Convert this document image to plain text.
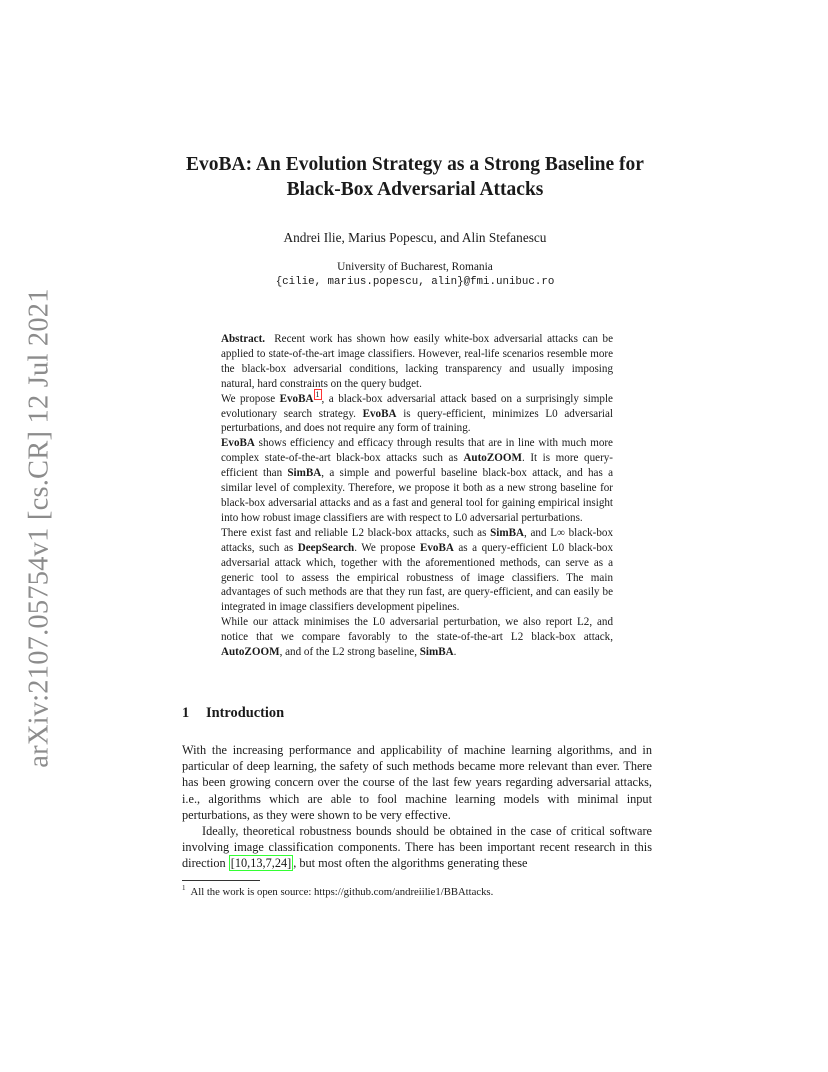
arXiv:2107.05754v1 [cs.CR] 12 Jul 2021
EvoBA: An Evolution Strategy as a Strong Baseline for
Black-Box Adversarial Attacks
Andrei Ilie, Marius Popescu, and Alin Stefanescu
University of Bucharest, Romania
{cilie, marius.popescu, alin}@fmi.unibuc.ro

Abstract. Recent work has shown how easily white-box adversarial attacks can be applied to state-of-the-art image classifiers. However, real-life scenarios resemble more the black-box adversarial conditions, lacking transparency and usually imposing natural, hard constraints on the query budget.

We propose EvoBA $^1$ , a black-box adversarial attack based on a surprisingly simple evolutionary search strategy. EvoBA is query-efficient, minimizes L0 adversarial perturbations, and does not require any form of training.

EvoBA shows efficiency and efficacy through results that are in line with much more complex state-of-the-art black-box attacks such as AutoZOOM. It is more query-efficient than SimBA, a simple and powerful baseline black-box attack, and has a similar level of complexity. Therefore, we propose it both as a new strong baseline for black-box adversarial attacks and as a fast and general tool for gaining empirical insight into how robust image classifiers are with respect to L0 adversarial perturbations.

There exist fast and reliable L2 black-box attacks, such as SimBA, and L∞ black-box attacks, such as DeepSearch. We propose EvoBA as a query-efficient L0 black-box adversarial attack which, together with the aforementioned methods, can serve as a generic tool to assess the empirical robustness of image classifiers. The main advantages of such methods are that they run fast, are query-efficient, and can easily be integrated in image classifiers development pipelines.

While our attack minimises the L0 adversarial perturbation, we also report L2, and notice that we compare favorably to the state-of-the-art L2 black-box attack, AutoZOOM, and of the L2 strong baseline, SimBA.

1 Introduction

With the increasing performance and applicability of machine learning algorithms, and in particular of deep learning, the safety of such methods became more relevant than ever. There has been growing concern over the course of the last few years regarding adversarial attacks, i.e., algorithms which are able to fool machine learning models with minimal input perturbations, as they were shown to be very effective.

Ideally, theoretical robustness bounds should be obtained in the case of critical software involving image classification components. There has been important recent research in this direction [10,13,7,24] , but most often the algorithms generating these

$^1$ All the work is open source: https://github.com/andreiilie1/BBAttacks.
